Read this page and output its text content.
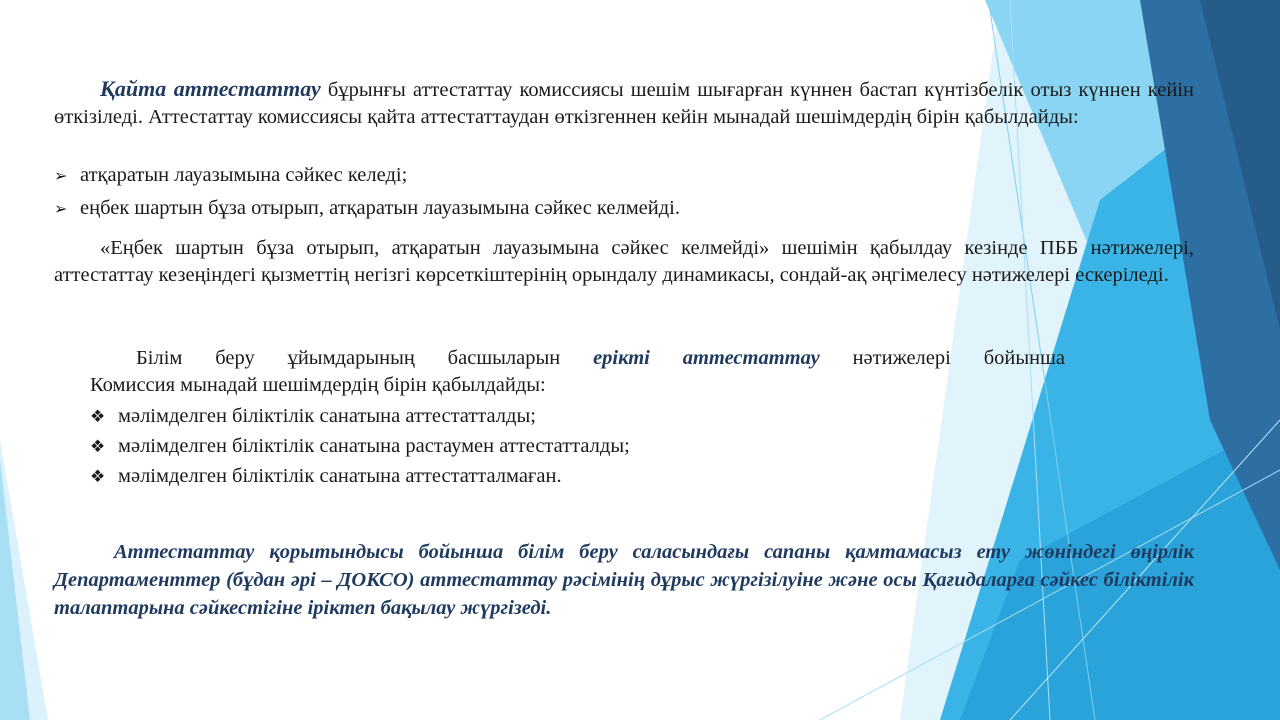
Қайта аттестаттау бұрынғы аттестаттау комиссиясы шешім шығарған күннен бастап күнтізбелік отыз күннен кейін өткізіледі. Аттестаттау комиссиясы қайта аттестаттаудан өткізгеннен кейін мынадай шешімдердің бірін қабылдайды:
➢ атқаратын лауазымына сәйкес келеді;
➢ еңбек шартын бұза отырып, атқаратын лауазымына сәйкес келмейді.
«Еңбек шартын бұза отырып, атқаратын лауазымына сәйкес келмейді» шешімін қабылдау кезінде ПББ нәтижелері, аттестаттау кезеңіндегі қызметтің негізгі көрсеткіштерінің орындалу динамикасы, сондай-ақ әңгімелесу нәтижелері ескеріледі.
Білім беру ұйымдарының басшыларын ерікті аттестаттау нәтижелері бойынша
Комиссия мынадай шешімдердің бірін қабылдайды:
❖ мәлімделген біліктілік санатына аттестатталды;
❖ мәлімделген біліктілік санатына растаумен аттестатталды;
❖ мәлімделген біліктілік санатына аттестатталмаған.
Аттестаттау қорытындысы бойынша білім беру саласындағы сапаны қамтамасыз ету жөніндегі өңірлік Департаменттер (бұдан әрі – ДОКСО) аттестаттау рәсімінің дұрыс жүргізілуіне және осы Қағидаларға сәйкес біліктілік талаптарына сәйкестігіне іріктеп бақылау жүргізеді.
